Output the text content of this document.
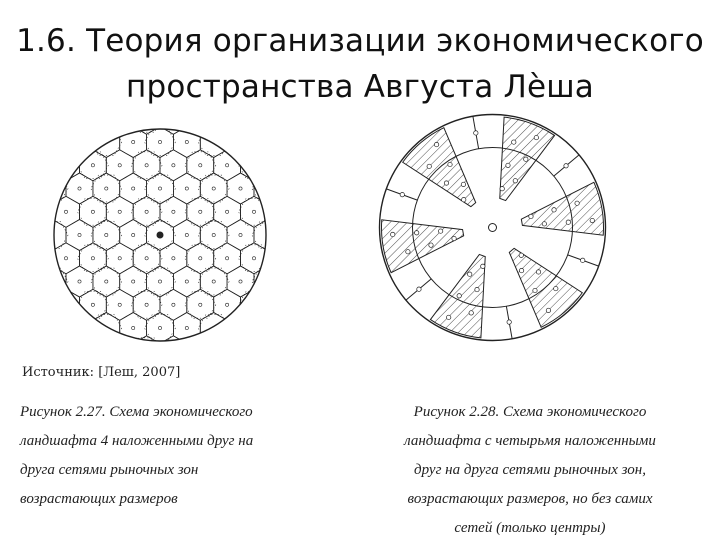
1.6. Теория организации экономического
пространства Августа Лѐша
Источник: [Леш, 2007]
Рисунок 2.27. Схема экономического
ландшафта 4 наложенными друг на
друга сетями рыночных зон
возрастающих размеров
Рисунок 2.28. Схема экономического
ландшафта с четырьмя наложенными
друг на друга сетями рыночных зон,
возрастающих размеров, но без самих
сетей (только центры)
